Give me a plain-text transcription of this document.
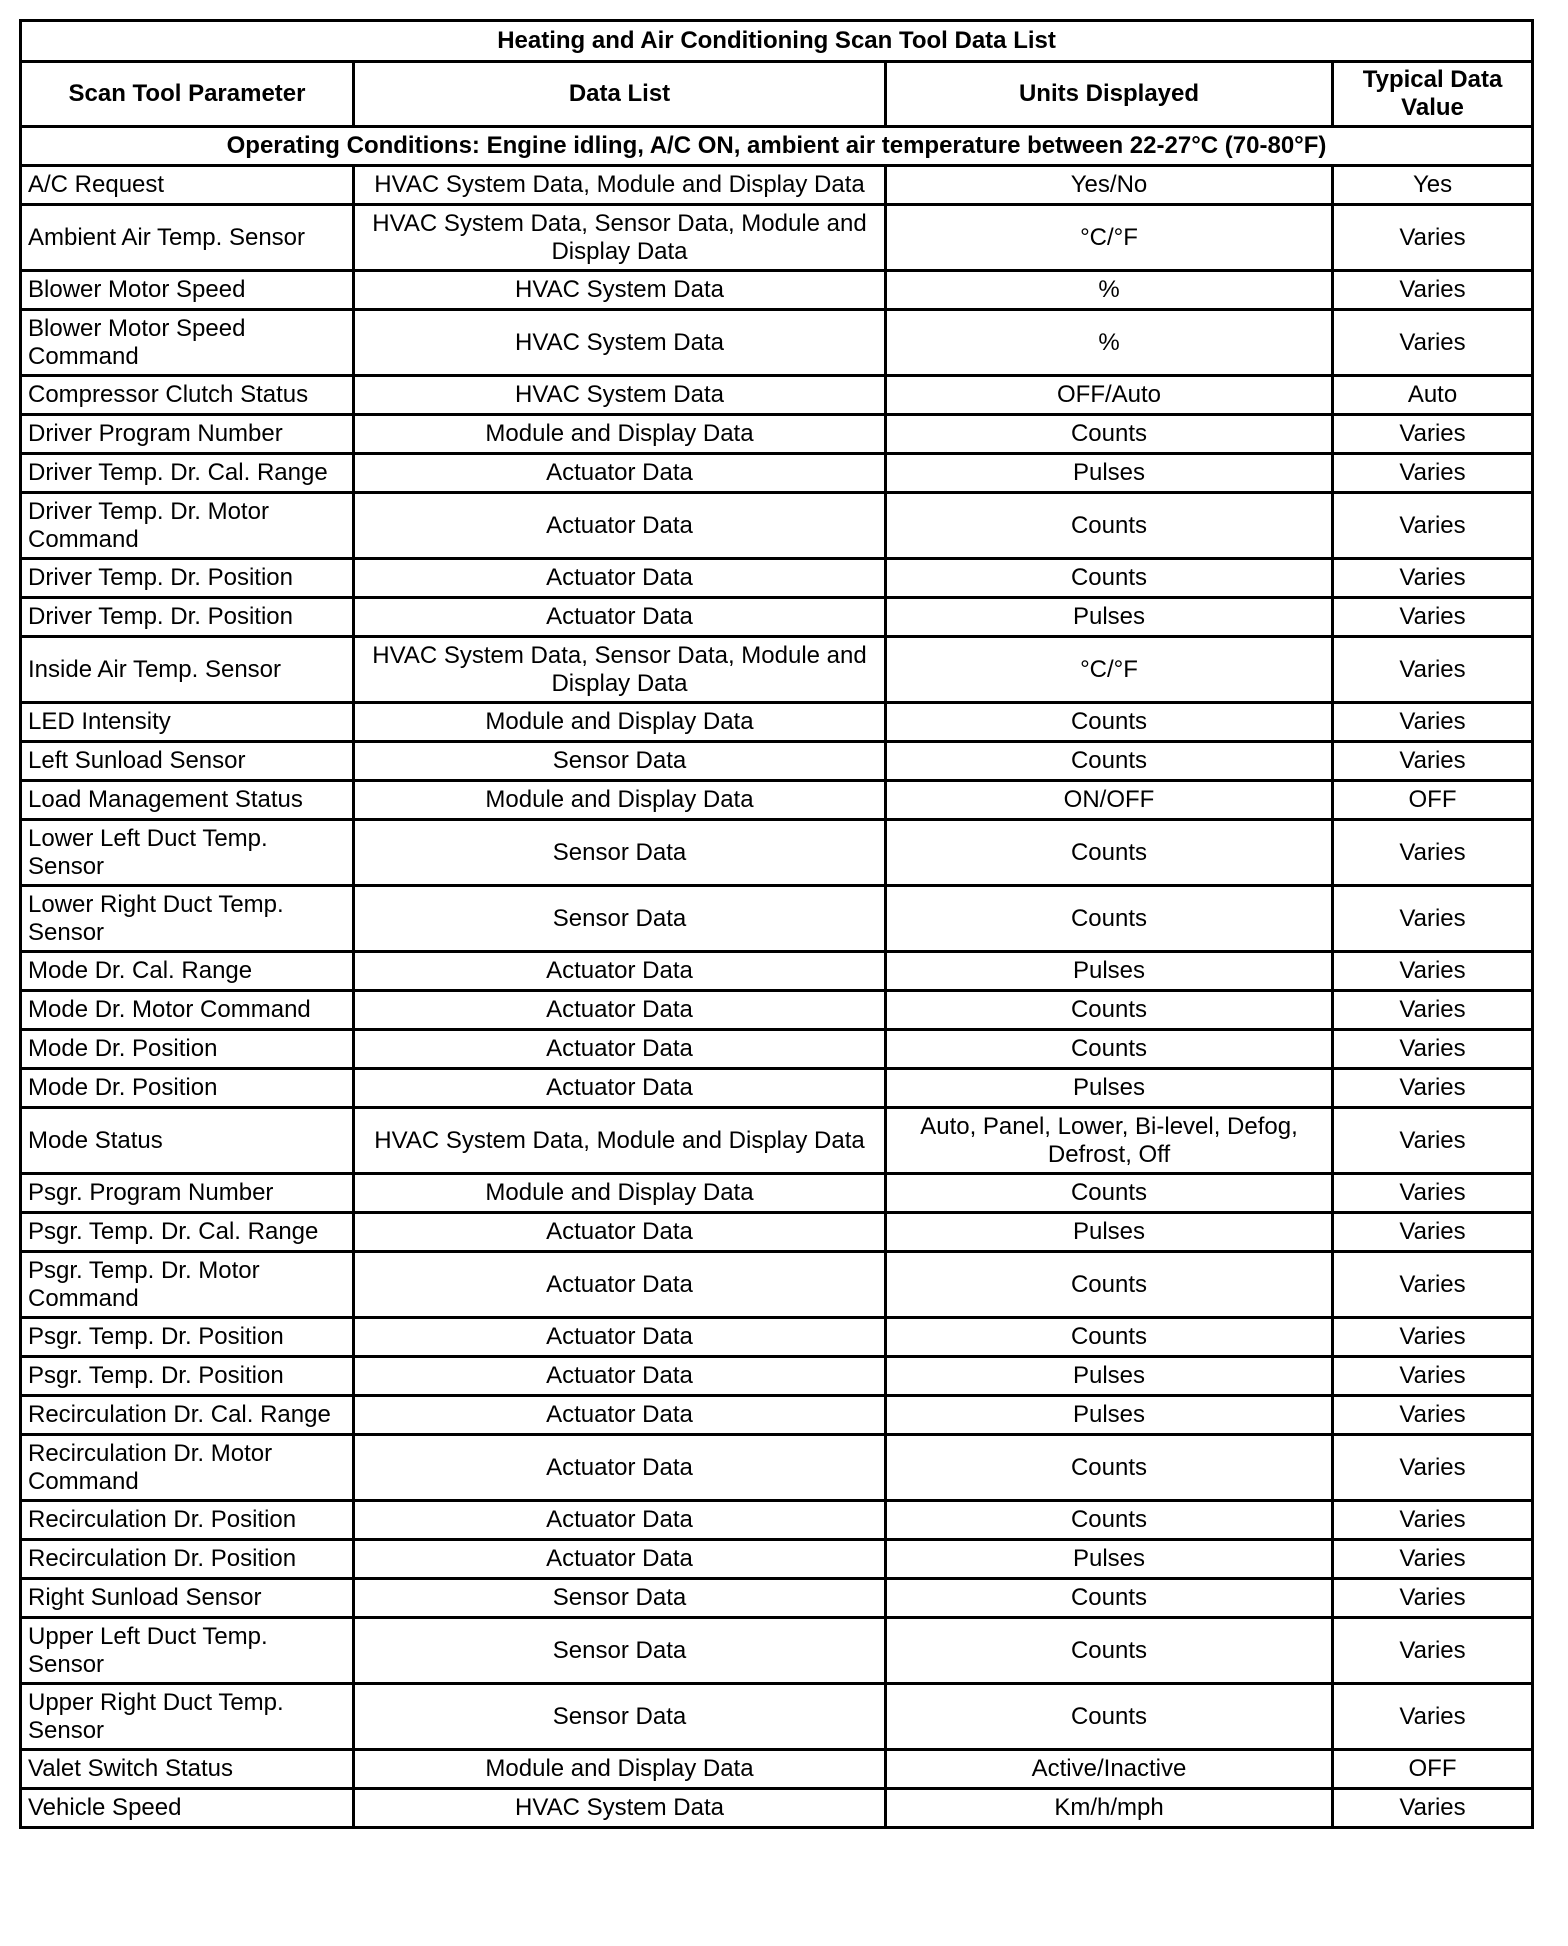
Heating and Air Conditioning Scan Tool Data List			
Scan Tool Parameter	Data List	Units Displayed	Typical Data Value
Operating Conditions: Engine idling, A/C ON, ambient air temperature between 22-27°C (70-80°F)			
A/C Request	HVAC System Data, Module and Display Data	Yes/No	Yes
Ambient Air Temp. Sensor	HVAC System Data, Sensor Data, Module and Display Data	°C/°F	Varies
Blower Motor Speed	HVAC System Data	%	Varies
Blower Motor Speed Command	HVAC System Data	%	Varies
Compressor Clutch Status	HVAC System Data	OFF/Auto	Auto
Driver Program Number	Module and Display Data	Counts	Varies
Driver Temp. Dr. Cal. Range	Actuator Data	Pulses	Varies
Driver Temp. Dr. Motor Command	Actuator Data	Counts	Varies
Driver Temp. Dr. Position	Actuator Data	Counts	Varies
Driver Temp. Dr. Position	Actuator Data	Pulses	Varies
Inside Air Temp. Sensor	HVAC System Data, Sensor Data, Module and Display Data	°C/°F	Varies
LED Intensity	Module and Display Data	Counts	Varies
Left Sunload Sensor	Sensor Data	Counts	Varies
Load Management Status	Module and Display Data	ON/OFF	OFF
Lower Left Duct Temp. Sensor	Sensor Data	Counts	Varies
Lower Right Duct Temp. Sensor	Sensor Data	Counts	Varies
Mode Dr. Cal. Range	Actuator Data	Pulses	Varies
Mode Dr. Motor Command	Actuator Data	Counts	Varies
Mode Dr. Position	Actuator Data	Counts	Varies
Mode Dr. Position	Actuator Data	Pulses	Varies
Mode Status	HVAC System Data, Module and Display Data	Auto, Panel, Lower, Bi-level, Defog, Defrost, Off	Varies
Psgr. Program Number	Module and Display Data	Counts	Varies
Psgr. Temp. Dr. Cal. Range	Actuator Data	Pulses	Varies
Psgr. Temp. Dr. Motor Command	Actuator Data	Counts	Varies
Psgr. Temp. Dr. Position	Actuator Data	Counts	Varies
Psgr. Temp. Dr. Position	Actuator Data	Pulses	Varies
Recirculation Dr. Cal. Range	Actuator Data	Pulses	Varies
Recirculation Dr. Motor Command	Actuator Data	Counts	Varies
Recirculation Dr. Position	Actuator Data	Counts	Varies
Recirculation Dr. Position	Actuator Data	Pulses	Varies
Right Sunload Sensor	Sensor Data	Counts	Varies
Upper Left Duct Temp. Sensor	Sensor Data	Counts	Varies
Upper Right Duct Temp. Sensor	Sensor Data	Counts	Varies
Valet Switch Status	Module and Display Data	Active/Inactive	OFF
Vehicle Speed	HVAC System Data	Km/h/mph	Varies
